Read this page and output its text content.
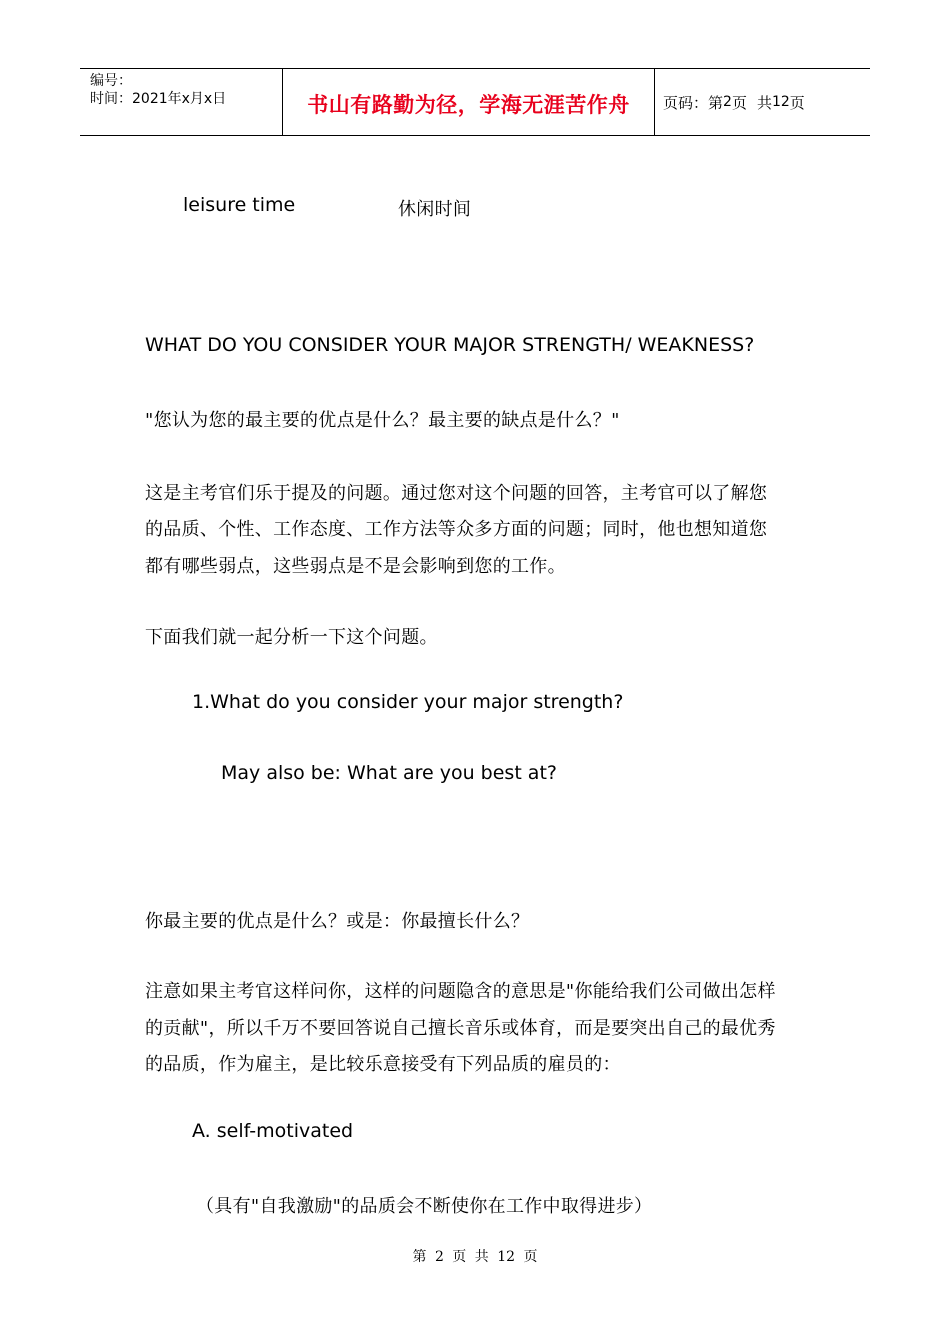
编号：
时间：2021年x月x日	书山有路勤为径，学海无涯苦作舟 页码：第 2 页 共 12 页
leisure time	休闲时间
WHAT DO YOU CONSIDER YOUR MAJOR STRENGTH/ WEAKNESS?
"您认为您的最主要的优点是什么？最主要的缺点是什么？"
这是主考官们乐于提及的问题。通过您对这个问题的回答，主考官可以了解您
的品质、个性、工作态度、工作方法等众多方面的问题；同时，他也想知道您
都有哪些弱点，这些弱点是不是会影响到您的工作。
下面我们就一起分析一下这个问题。
1.What do you consider your major strength?
May also be: What are you best at?
你最主要的优点是什么？或是：你最擅长什么？
注意如果主考官这样问你，这样的问题隐含的意思是"你能给我们公司做出怎样
的贡献"，所以千万不要回答说自己擅长音乐或体育，而是要突出自己的最优秀
的品质，作为雇主，是比较乐意接受有下列品质的雇员的：
A. self-motivated
（具有"自我激励"的品质会不断使你在工作中取得进步）
第 2 页 共 12 页
